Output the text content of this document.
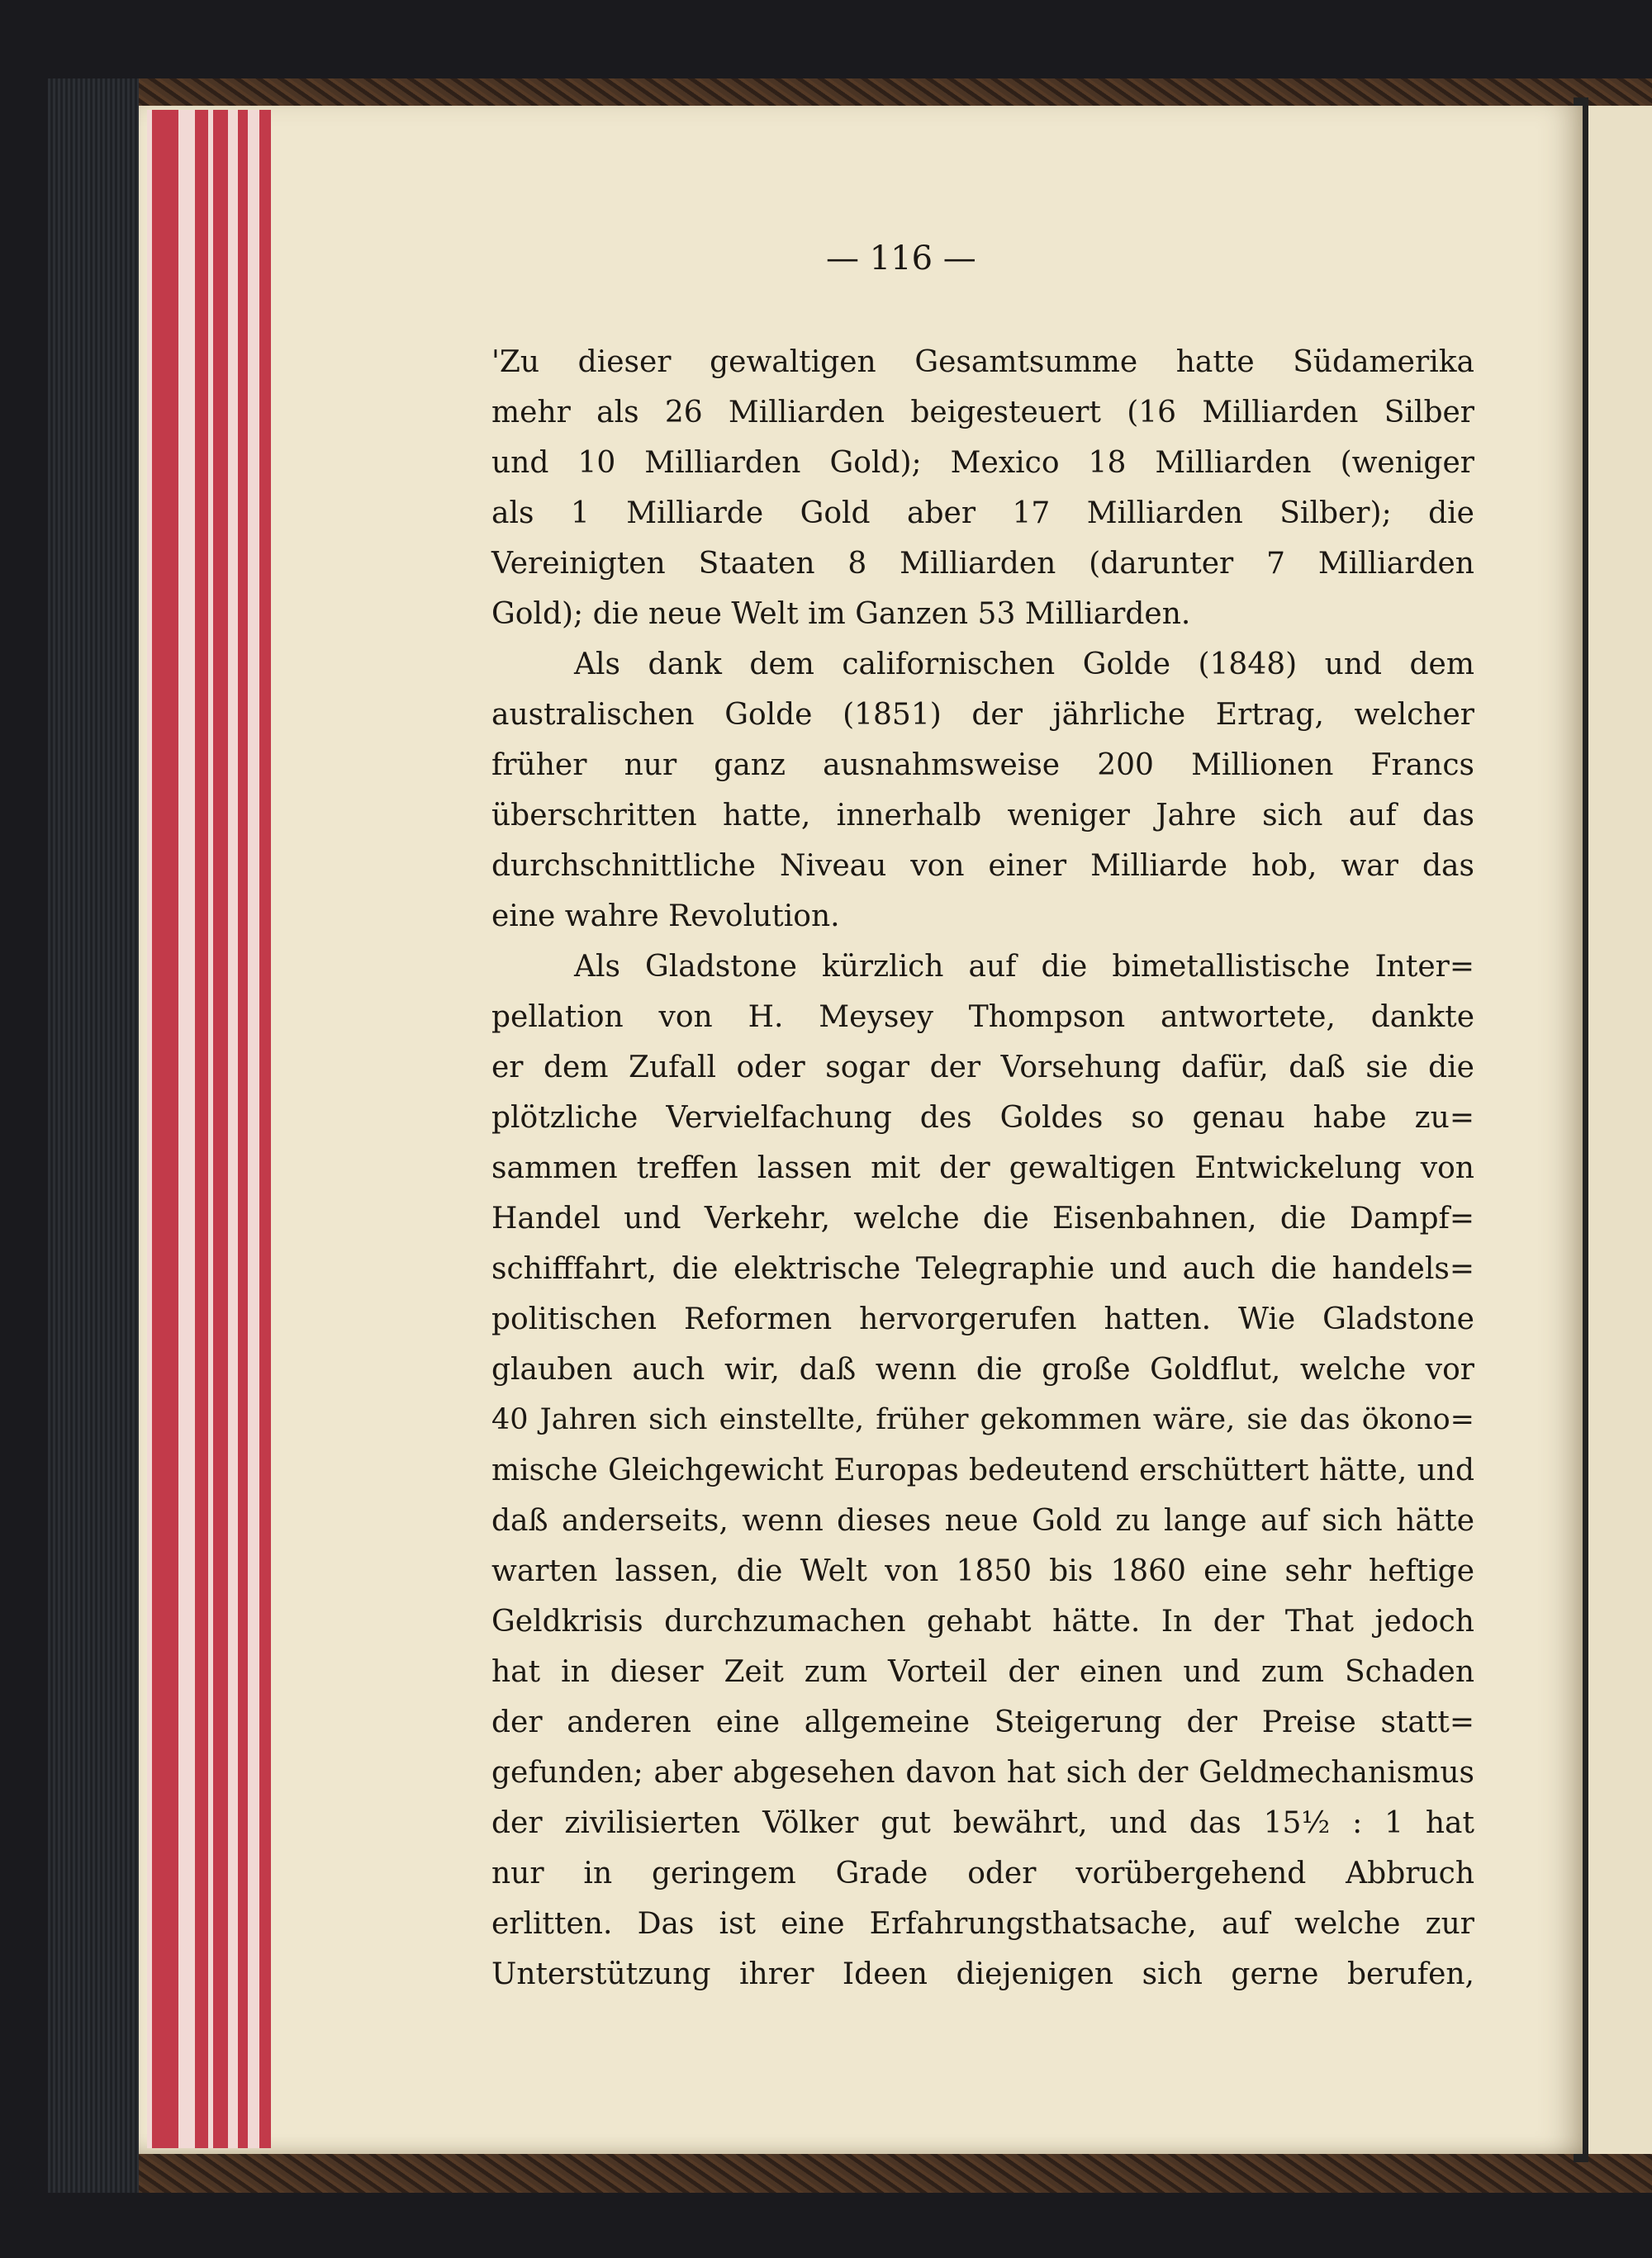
— 116 —
'Zu dieser gewaltigen Gesamtsumme hatte Südamerika
mehr als 26 Milliarden beigesteuert (16 Milliarden Silber
und 10 Milliarden Gold); Mexico 18 Milliarden (weniger
als 1 Milliarde Gold aber 17 Milliarden Silber); die
Vereinigten Staaten 8 Milliarden (darunter 7 Milliarden
Gold); die neue Welt im Ganzen 53 Milliarden.
Als dank dem californischen Golde (1848) und dem
australischen Golde (1851) der jährliche Ertrag, welcher
früher nur ganz ausnahmsweise 200 Millionen Francs
überschritten hatte, innerhalb weniger Jahre sich auf das
durchschnittliche Niveau von einer Milliarde hob, war das
eine wahre Revolution.
Als Gladstone kürzlich auf die bimetallistische Inter=
pellation von H. Meysey Thompson antwortete, dankte
er dem Zufall oder sogar der Vorsehung dafür, daß sie die
plötzliche Vervielfachung des Goldes so genau habe zu=
sammen treffen lassen mit der gewaltigen Entwickelung von
Handel und Verkehr, welche die Eisenbahnen, die Dampf=
schifffahrt, die elektrische Telegraphie und auch die handels=
politischen Reformen hervorgerufen hatten. Wie Gladstone
glauben auch wir, daß wenn die große Goldflut, welche vor
40 Jahren sich einstellte, früher gekommen wäre, sie das ökono=
mische Gleichgewicht Europas bedeutend erschüttert hätte, und
daß anderseits, wenn dieses neue Gold zu lange auf sich hätte
warten lassen, die Welt von 1850 bis 1860 eine sehr heftige
Geldkrisis durchzumachen gehabt hätte. In der That jedoch
hat in dieser Zeit zum Vorteil der einen und zum Schaden
der anderen eine allgemeine Steigerung der Preise statt=
gefunden; aber abgesehen davon hat sich der Geldmechanismus
der zivilisierten Völker gut bewährt, und das 15½ : 1 hat
nur in geringem Grade oder vorübergehend Abbruch
erlitten. Das ist eine Erfahrungsthatsache, auf welche zur
Unterstützung ihrer Ideen diejenigen sich gerne berufen,
